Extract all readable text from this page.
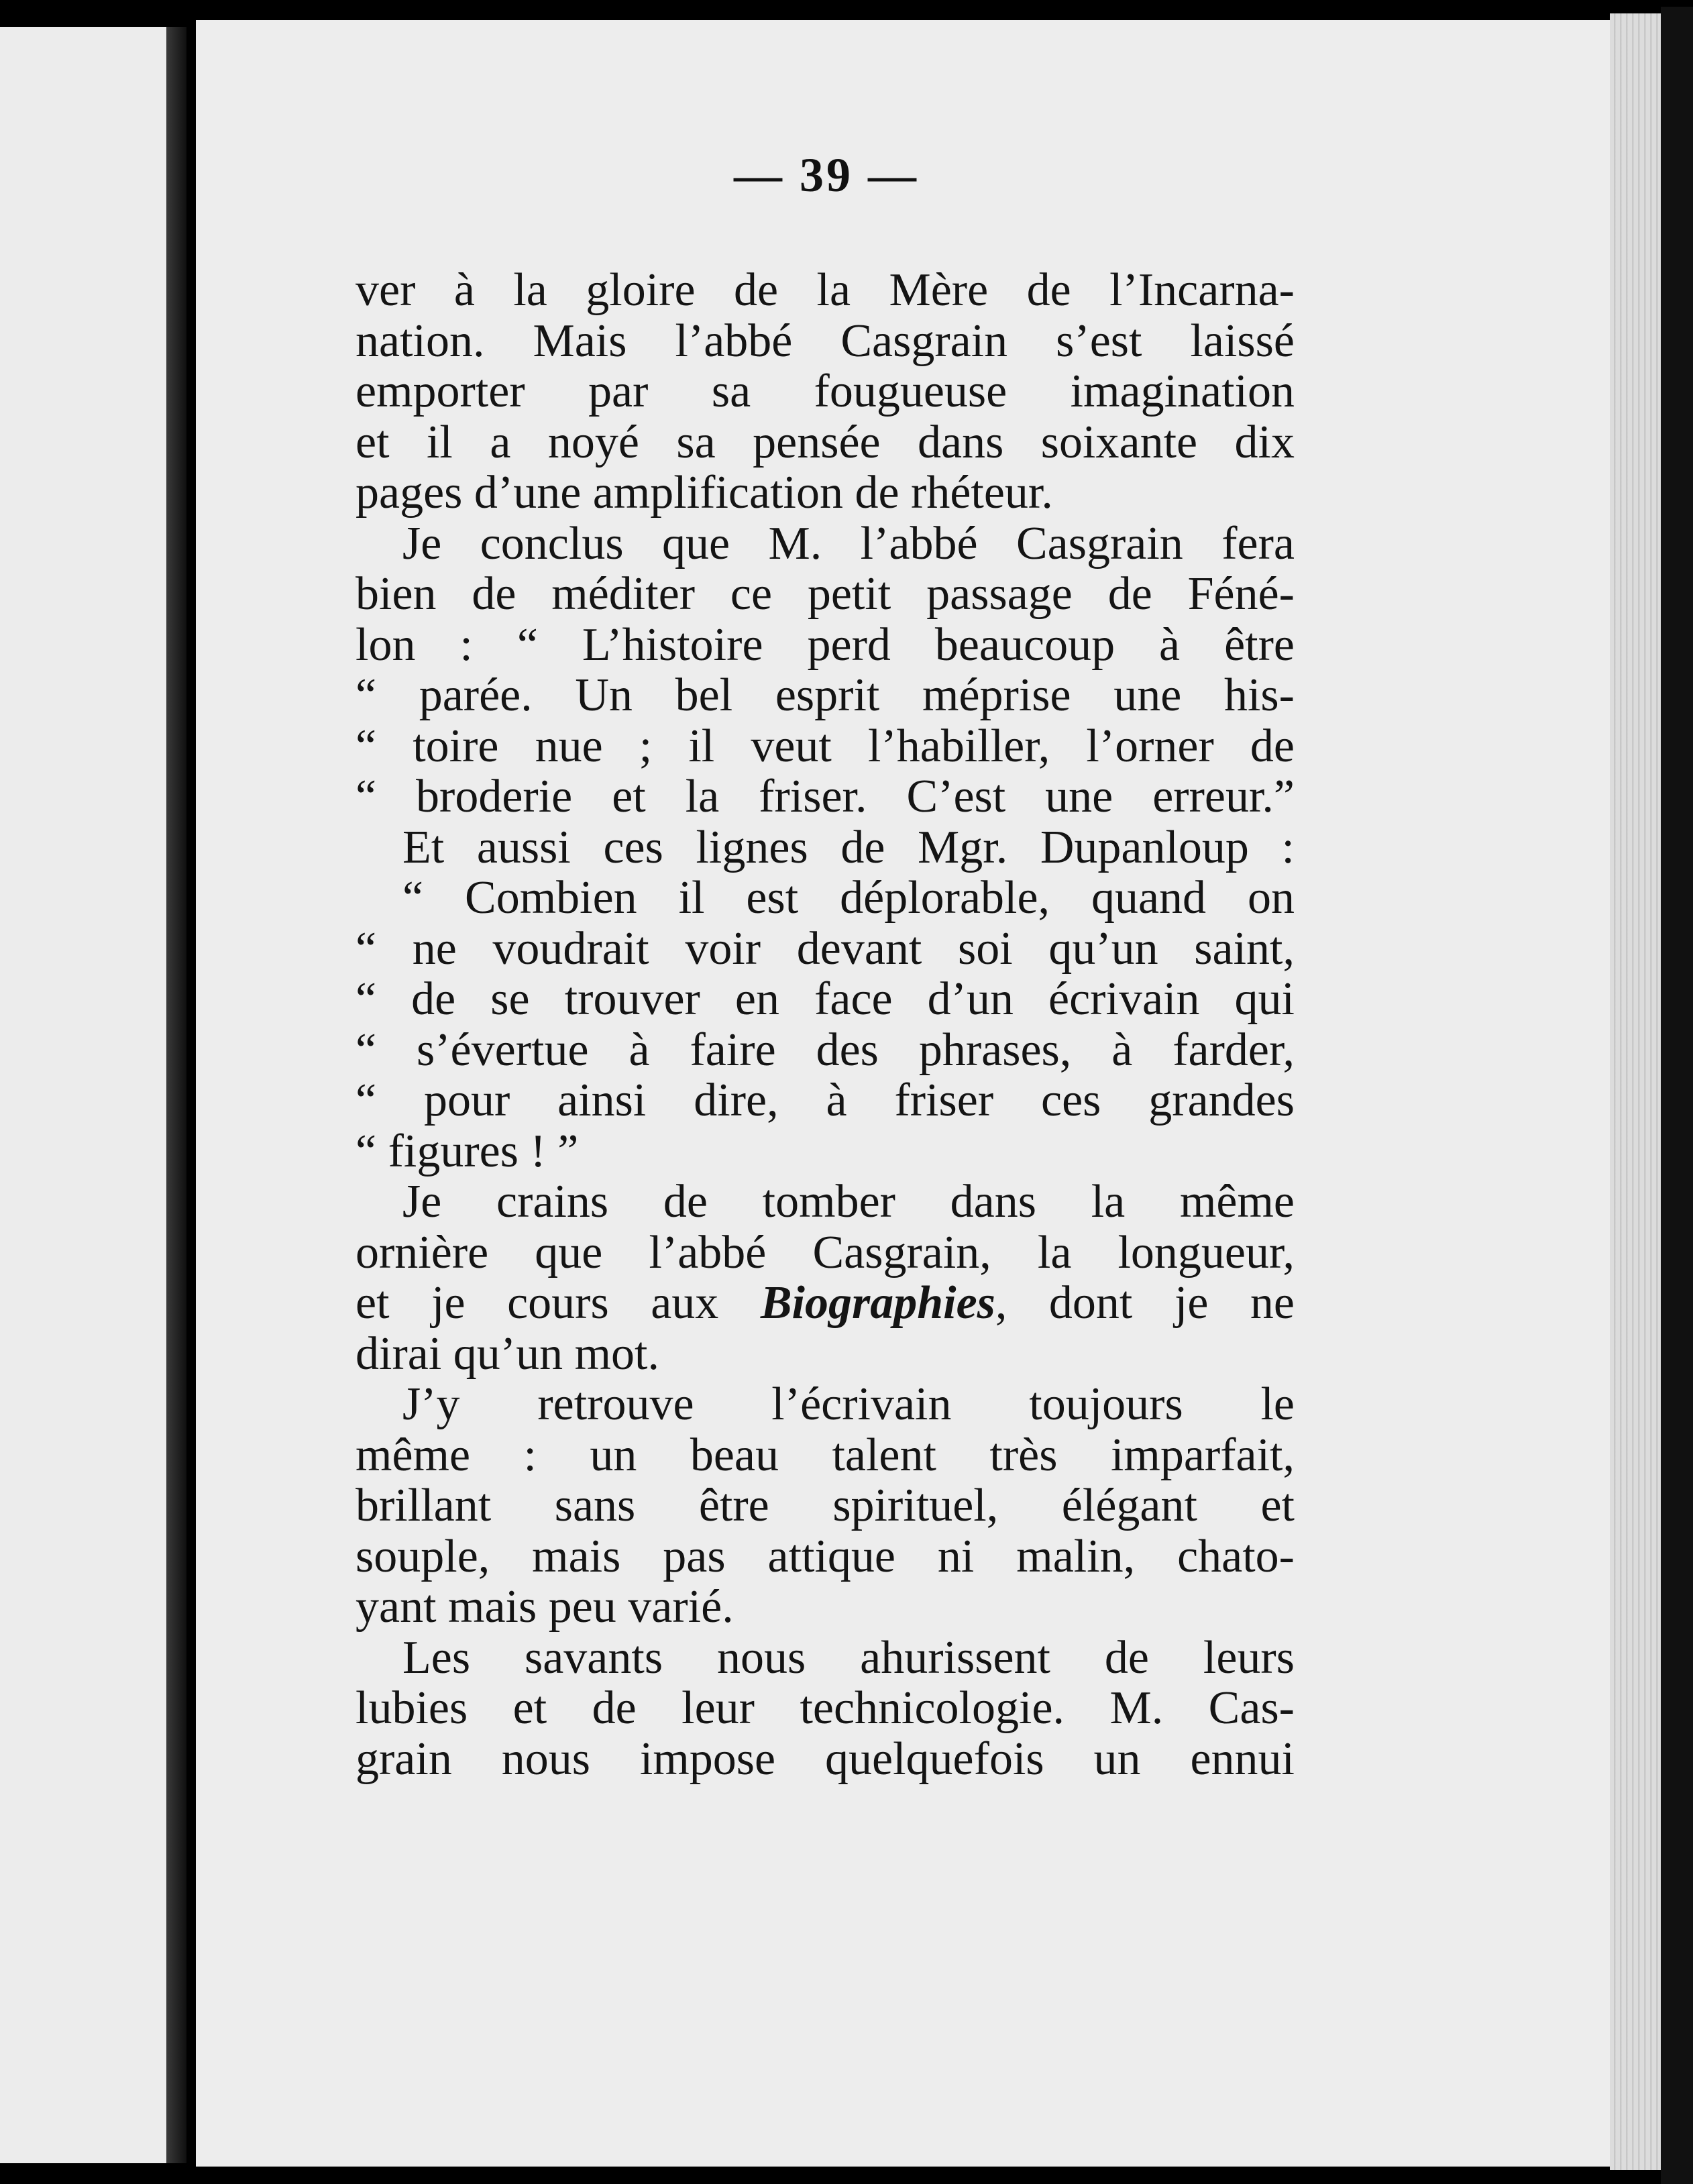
— 39 —
ver à la gloire de la Mère de l’Incarna-
nation. Mais l’abbé Casgrain s’est laissé
emporter par sa fougueuse imagination
et il a noyé sa pensée dans soixante dix
pages d’une amplification de rhéteur.
Je conclus que M. l’abbé Casgrain fera
bien de méditer ce petit passage de Féné-
lon : “ L’histoire perd beaucoup à être
“ parée. Un bel esprit méprise une his-
“ toire nue ; il veut l’habiller, l’orner de
“ broderie et la friser. C’est une erreur.”
Et aussi ces lignes de Mgr. Dupanloup :
“ Combien il est déplorable, quand on
“ ne voudrait voir devant soi qu’un saint,
“ de se trouver en face d’un écrivain qui
“ s’évertue à faire des phrases, à farder,
“ pour ainsi dire, à friser ces grandes
“ figures ! ”
Je crains de tomber dans la même
ornière que l’abbé Casgrain, la longueur,
et je cours aux Biographies, dont je ne
dirai qu’un mot.
J’y retrouve l’écrivain toujours le
même : un beau talent très imparfait,
brillant sans être spirituel, élégant et
souple, mais pas attique ni malin, chato-
yant mais peu varié.
Les savants nous ahurissent de leurs
lubies et de leur technicologie. M. Cas-
grain nous impose quelquefois un ennui
